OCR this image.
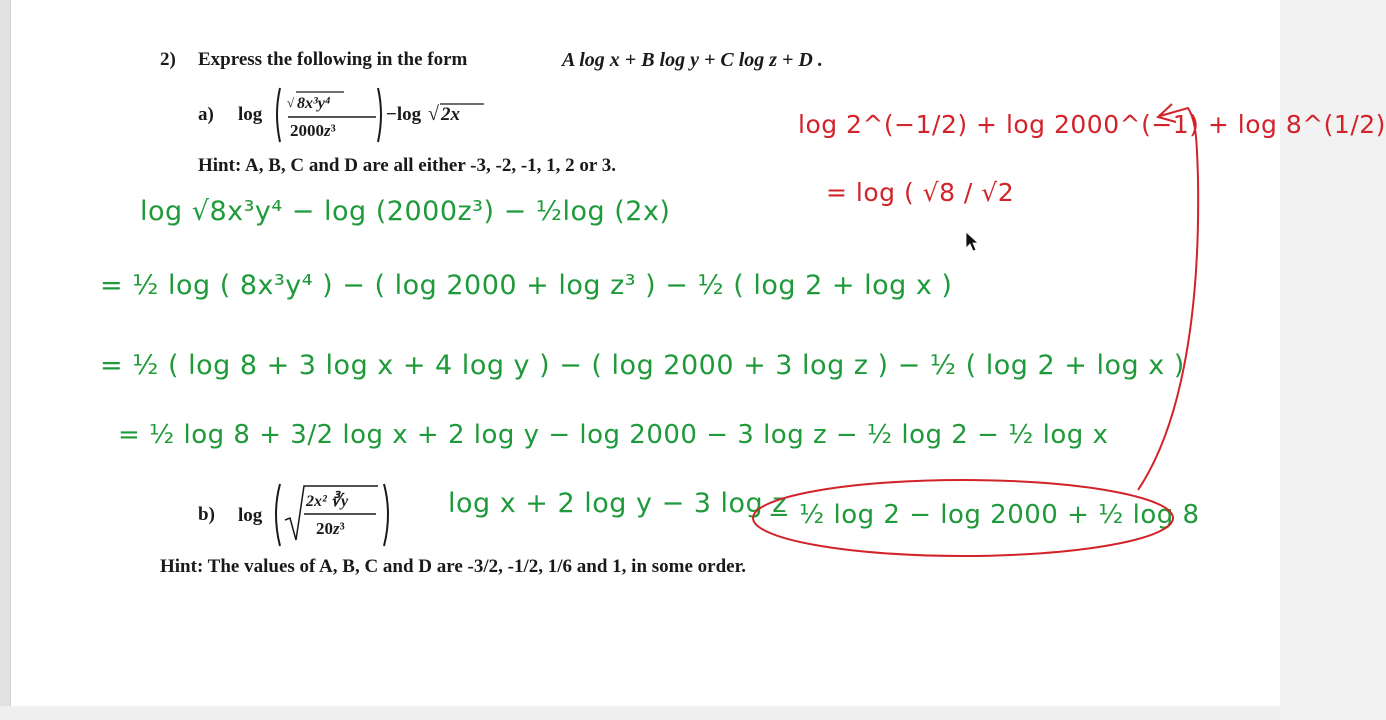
2) Express the following in the form	A log x + B log y + C log z + D .
a) log
√ 8x³y⁴
2000z³
−log √ 2x
Hint: A, B, C and D are all either -3, -2, -1, 1, 2 or 3.
b) log
2x² ∛y
20z³
Hint: The values of A, B, C and D are -3/2, -1/2, 1/6 and 1, in some order.
log √8x³y⁴ − log (2000z³) − ½log (2x)
= ½ log ( 8x³y⁴ ) − ( log 2000 + log z³ ) − ½ ( log 2 + log x )
= ½ ( log 8 + 3 log x + 4 log y ) − ( log 2000 + 3 log z ) − ½ ( log 2 + log x )
= ½ log 8 + 3/2 log x + 2 log y − log 2000 − 3 log z − ½ log 2 − ½ log x
log x + 2 log y − 3 log z
− ½ log 2 − log 2000 + ½ log 8
log 2^(−1/2) + log 2000^(−1) + log 8^(1/2)
= log ( √8 / √2
